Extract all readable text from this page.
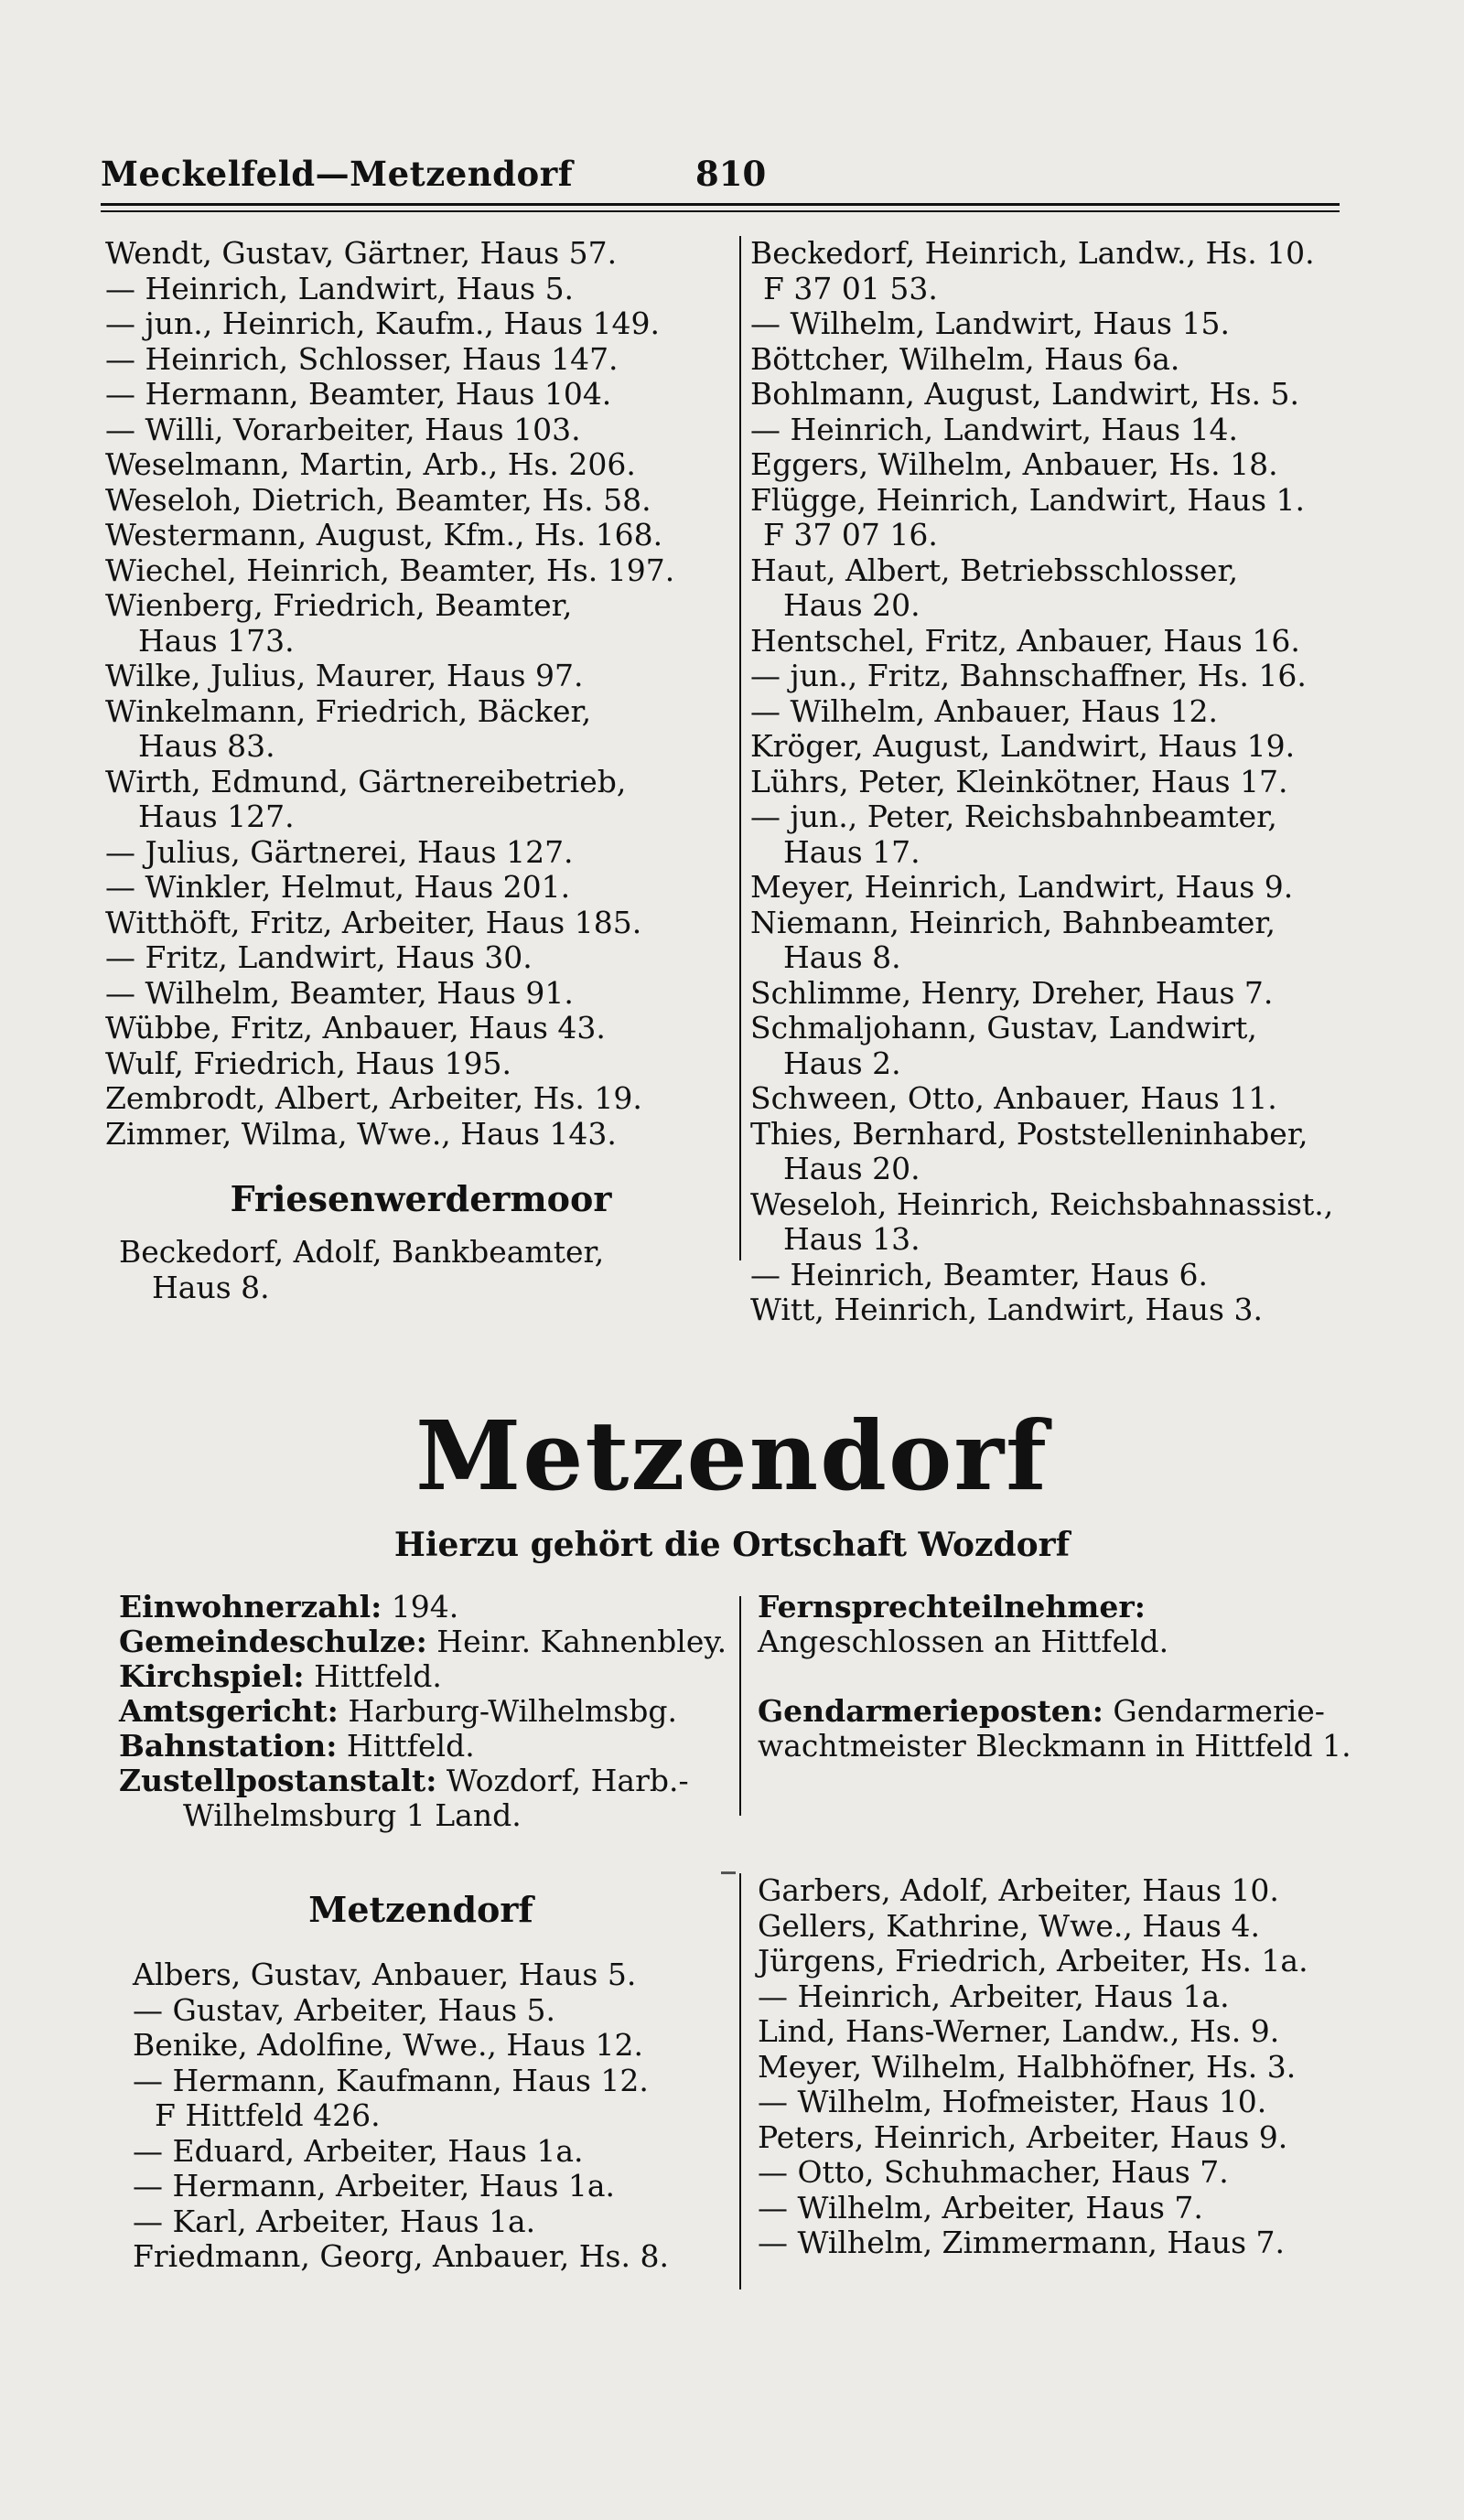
Meckelfeld—Metzendorf	810
Wendt, Gustav, Gärtner, Haus 57.
— Heinrich, Landwirt, Haus 5.
— jun., Heinrich, Kaufm., Haus 149.
— Heinrich, Schlosser, Haus 147.
— Hermann, Beamter, Haus 104.
— Willi, Vorarbeiter, Haus 103.
Weselmann, Martin, Arb., Hs. 206.
Weseloh, Dietrich, Beamter, Hs. 58.
Westermann, August, Kfm., Hs. 168.
Wiechel, Heinrich, Beamter, Hs. 197.
Wienberg, Friedrich, Beamter,
Haus 173.
Wilke, Julius, Maurer, Haus 97.
Winkelmann, Friedrich, Bäcker,
Haus 83.
Wirth, Edmund, Gärtnereibetrieb,
Haus 127.
— Julius, Gärtnerei, Haus 127.
— Winkler, Helmut, Haus 201.
Witthöft, Fritz, Arbeiter, Haus 185.
— Fritz, Landwirt, Haus 30.
— Wilhelm, Beamter, Haus 91.
Wübbe, Fritz, Anbauer, Haus 43.
Wulf, Friedrich, Haus 195.
Zembrodt, Albert, Arbeiter, Hs. 19.
Zimmer, Wilma, Wwe., Haus 143.
Friesenwerdermoor
Beckedorf, Adolf, Bankbeamter,
Haus 8.
Beckedorf, Heinrich, Landw., Hs. 10.
F 37 01 53.
— Wilhelm, Landwirt, Haus 15.
Böttcher, Wilhelm, Haus 6a.
Bohlmann, August, Landwirt, Hs. 5.
— Heinrich, Landwirt, Haus 14.
Eggers, Wilhelm, Anbauer, Hs. 18.
Flügge, Heinrich, Landwirt, Haus 1.
F 37 07 16.
Haut, Albert, Betriebsschlosser,
Haus 20.
Hentschel, Fritz, Anbauer, Haus 16.
— jun., Fritz, Bahnschaffner, Hs. 16.
— Wilhelm, Anbauer, Haus 12.
Kröger, August, Landwirt, Haus 19.
Lührs, Peter, Kleinkötner, Haus 17.
— jun., Peter, Reichsbahnbeamter,
Haus 17.
Meyer, Heinrich, Landwirt, Haus 9.
Niemann, Heinrich, Bahnbeamter,
Haus 8.
Schlimme, Henry, Dreher, Haus 7.
Schmaljohann, Gustav, Landwirt,
Haus 2.
Schween, Otto, Anbauer, Haus 11.
Thies, Bernhard, Poststelleninhaber,
Haus 20.
Weseloh, Heinrich, Reichsbahnassist.,
Haus 13.
— Heinrich, Beamter, Haus 6.
Witt, Heinrich, Landwirt, Haus 3.
Metzendorf
Hierzu gehört die Ortschaft Wozdorf
Einwohnerzahl: 194.
Gemeindeschulze: Heinr. Kahnenbley.
Kirchspiel: Hittfeld.
Amtsgericht: Harburg-Wilhelmsbg.
Bahnstation: Hittfeld.
Zustellpostanstalt: Wozdorf, Harb.-Wilhelmsburg 1 Land.
Fernsprechteilnehmer: Angeschlossen an Hittfeld.
Gendarmerieposten: Gendarmerie-wachtmeister Bleckmann in Hittfeld 1.
Metzendorf
Albers, Gustav, Anbauer, Haus 5.
— Gustav, Arbeiter, Haus 5.
Benike, Adolfine, Wwe., Haus 12.
— Hermann, Kaufmann, Haus 12.
F Hittfeld 426.
— Eduard, Arbeiter, Haus 1a.
— Hermann, Arbeiter, Haus 1a.
— Karl, Arbeiter, Haus 1a.
Friedmann, Georg, Anbauer, Hs. 8.
Garbers, Adolf, Arbeiter, Haus 10.
Gellers, Kathrine, Wwe., Haus 4.
Jürgens, Friedrich, Arbeiter, Hs. 1a.
— Heinrich, Arbeiter, Haus 1a.
Lind, Hans-Werner, Landw., Hs. 9.
Meyer, Wilhelm, Halbhöfner, Hs. 3.
— Wilhelm, Hofmeister, Haus 10.
Peters, Heinrich, Arbeiter, Haus 9.
— Otto, Schuhmacher, Haus 7.
— Wilhelm, Arbeiter, Haus 7.
— Wilhelm, Zimmermann, Haus 7.
